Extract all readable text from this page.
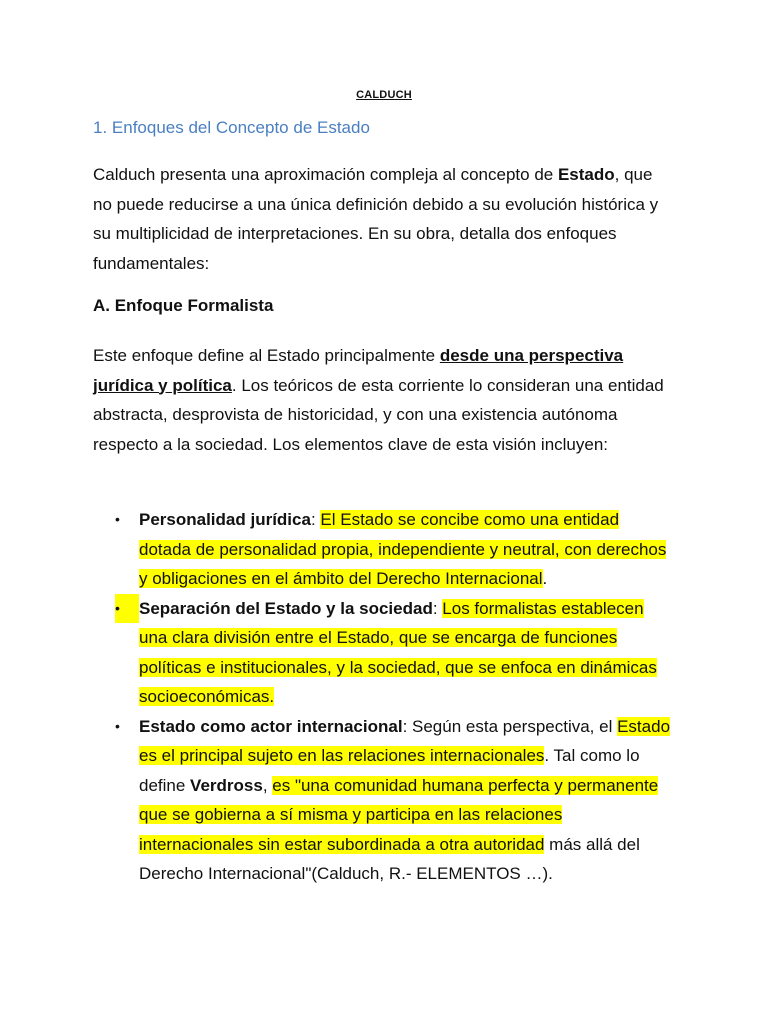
CALDUCH
1. Enfoques del Concepto de Estado

Calduch presenta una aproximación compleja al concepto de Estado, que no puede reducirse a una única definición debido a su evolución histórica y su multiplicidad de interpretaciones. En su obra, detalla dos enfoques fundamentales:

A. Enfoque Formalista

Este enfoque define al Estado principalmente desde una perspectiva jurídica y política. Los teóricos de esta corriente lo consideran una entidad abstracta, desprovista de historicidad, y con una existencia autónoma respecto a la sociedad. Los elementos clave de esta visión incluyen:

•	Personalidad jurídica: El Estado se concibe como una entidad dotada de personalidad propia, independiente y neutral, con derechos y obligaciones en el ámbito del Derecho Internacional.
•	Separación del Estado y la sociedad: Los formalistas establecen una clara división entre el Estado, que se encarga de funciones políticas e institucionales, y la sociedad, que se enfoca en dinámicas socioeconómicas.
•	Estado como actor internacional: Según esta perspectiva, el Estado es el principal sujeto en las relaciones internacionales. Tal como lo define Verdross, es "una comunidad humana perfecta y permanente que se gobierna a sí misma y participa en las relaciones internacionales sin estar subordinada a otra autoridad más allá del Derecho Internacional"(Calduch, R.- ELEMENTOS …).
